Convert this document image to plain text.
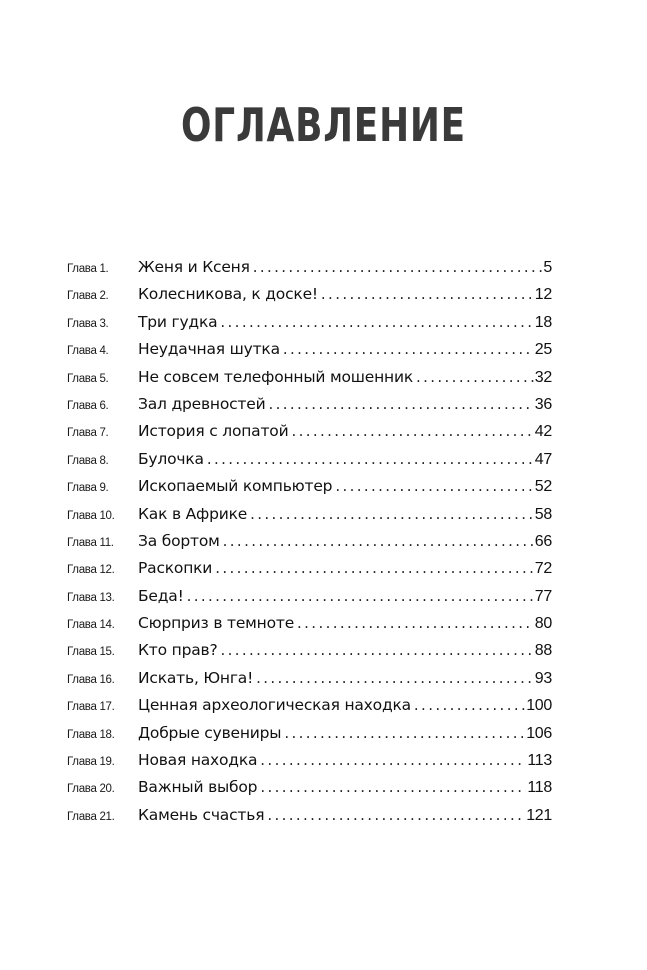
ОГЛАВЛЕНИЕ
Глава 1.	Женя и Ксеня . . .	5
Глава 2.	Колесникова, к доске! . . .	12
Глава 3.	Три гудка . . .	18
Глава 4.	Неудачная шутка . . .	25
Глава 5.	Не совсем телефонный мошенник . . .	32
Глава 6.	Зал древностей . . .	36
Глава 7.	История с лопатой . . .	42
Глава 8.	Булочка . . .	47
Глава 9.	Ископаемый компьютер . . .	52
Глава 10.	Как в Африке . . .	58
Глава 11.	За бортом . . .	66
Глава 12.	Раскопки . . .	72
Глава 13.	Беда! . . .	77
Глава 14.	Сюрприз в темноте . . .	80
Глава 15.	Кто прав? . . .	88
Глава 16.	Искать, Юнга! . . .	93
Глава 17.	Ценная археологическая находка . . .	100
Глава 18.	Добрые сувениры . . .	106
Глава 19.	Новая находка . . .	113
Глава 20.	Важный выбор . . .	118
Глава 21.	Камень счастья . . .	121
